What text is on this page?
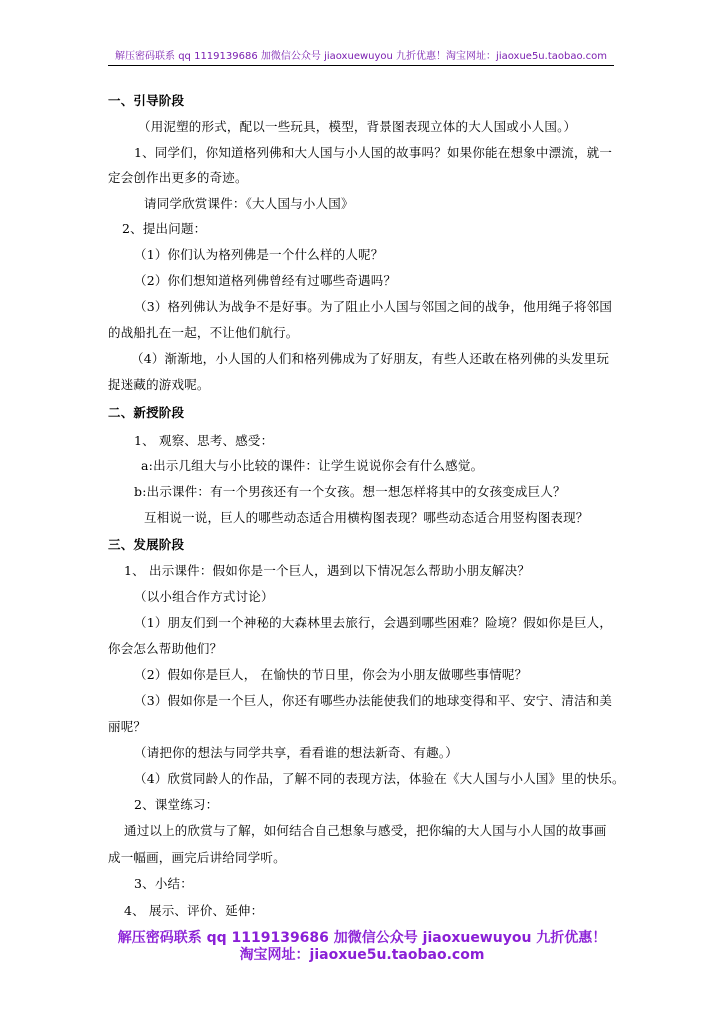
解压密码联系 qq 1119139686 加微信公众号 jiaoxuewuyou 九折优惠！淘宝网址：jiaoxue5u.taobao.com
一、引导阶段
（用泥塑的形式，配以一些玩具，模型，背景图表现立体的大人国或小人国。）
1、同学们，你知道格列佛和大人国与小人国的故事吗？如果你能在想象中漂流，就一
定会创作出更多的奇迹。
请同学欣赏课件：《大人国与小人国》
2、提出问题：
（1）你们认为格列佛是一个什么样的人呢？
（2）你们想知道格列佛曾经有过哪些奇遇吗？
（3）格列佛认为战争不是好事。为了阻止小人国与邻国之间的战争，他用绳子将邻国
的战船扎在一起，不让他们航行。
（4）渐渐地，小人国的人们和格列佛成为了好朋友，有些人还敢在格列佛的头发里玩
捉迷藏的游戏呢。
二、新授阶段
1、 观察、思考、感受：
a:出示几组大与小比较的课件：让学生说说你会有什么感觉。
b:出示课件：有一个男孩还有一个女孩。想一想怎样将其中的女孩变成巨人？
互相说一说，巨人的哪些动态适合用横构图表现？哪些动态适合用竖构图表现？
三、发展阶段
1、 出示课件：假如你是一个巨人，遇到以下情况怎么帮助小朋友解决？
（以小组合作方式讨论）
（1）朋友们到一个神秘的大森林里去旅行，会遇到哪些困难？险境？假如你是巨人，
你会怎么帮助他们？
（2）假如你是巨人， 在愉快的节日里，你会为小朋友做哪些事情呢？
（3）假如你是一个巨人，你还有哪些办法能使我们的地球变得和平、安宁、清洁和美
丽呢？
（请把你的想法与同学共享，看看谁的想法新奇、有趣。）
（4）欣赏同龄人的作品，了解不同的表现方法，体验在《大人国与小人国》里的快乐。
2、课堂练习：
通过以上的欣赏与了解，如何结合自己想象与感受，把你编的大人国与小人国的故事画
成一幅画，画完后讲给同学听。
3、小结：
4、 展示、评价、延伸：
解压密码联系 qq 1119139686 加微信公众号 jiaoxuewuyou 九折优惠！
淘宝网址：jiaoxue5u.taobao.com
